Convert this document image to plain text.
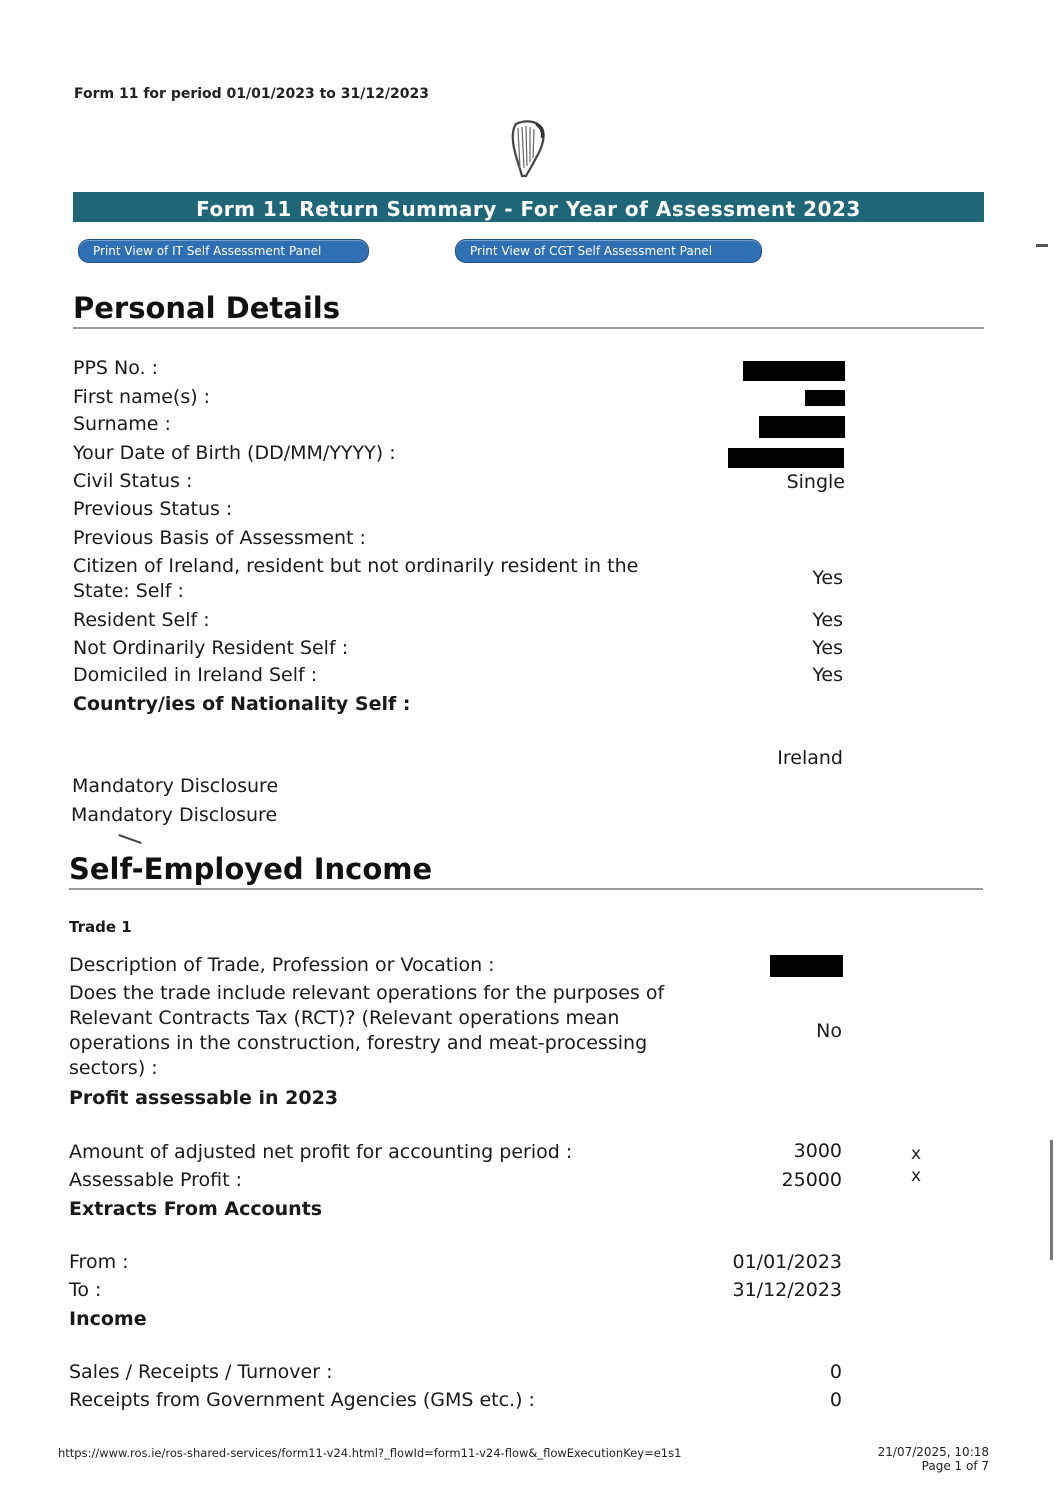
Form 11 for period 01/01/2023 to 31/12/2023
Form 11 Return Summary - For Year of Assessment 2023
Print View of IT Self Assessment Panel	Print View of CGT Self Assessment Panel
Personal Details
PPS No. :
First name(s) :
Surname :
Your Date of Birth (DD/MM/YYYY) :
Civil Status :	Single
Previous Status :
Previous Basis of Assessment :
Citizen of Ireland, resident but not ordinarily resident in the State: Self :
Yes
Resident Self :	Yes
Not Ordinarily Resident Self :	Yes
Domiciled in Ireland Self :	Yes
Country/ies of Nationality Self :
Ireland
Mandatory Disclosure
Mandatory Disclosure
Self-Employed Income
Trade 1
Description of Trade, Profession or Vocation :
Does the trade include relevant operations for the purposes of Relevant Contracts Tax (RCT)? (Relevant operations mean operations in the construction, forestry and meat-processing sectors) :
No
Profit assessable in 2023
Amount of adjusted net profit for accounting period :	3000	x
Assessable Profit :	25000	x
Extracts From Accounts
From :	01/01/2023
To :	31/12/2023
Income
Sales / Receipts / Turnover :	0
Receipts from Government Agencies (GMS etc.) :	0
https://www.ros.ie/ros-shared-services/form11-v24.html?_flowId=form11-v24-flow&_flowExecutionKey=e1s1	21/07/2025, 10:18
Page 1 of 7
